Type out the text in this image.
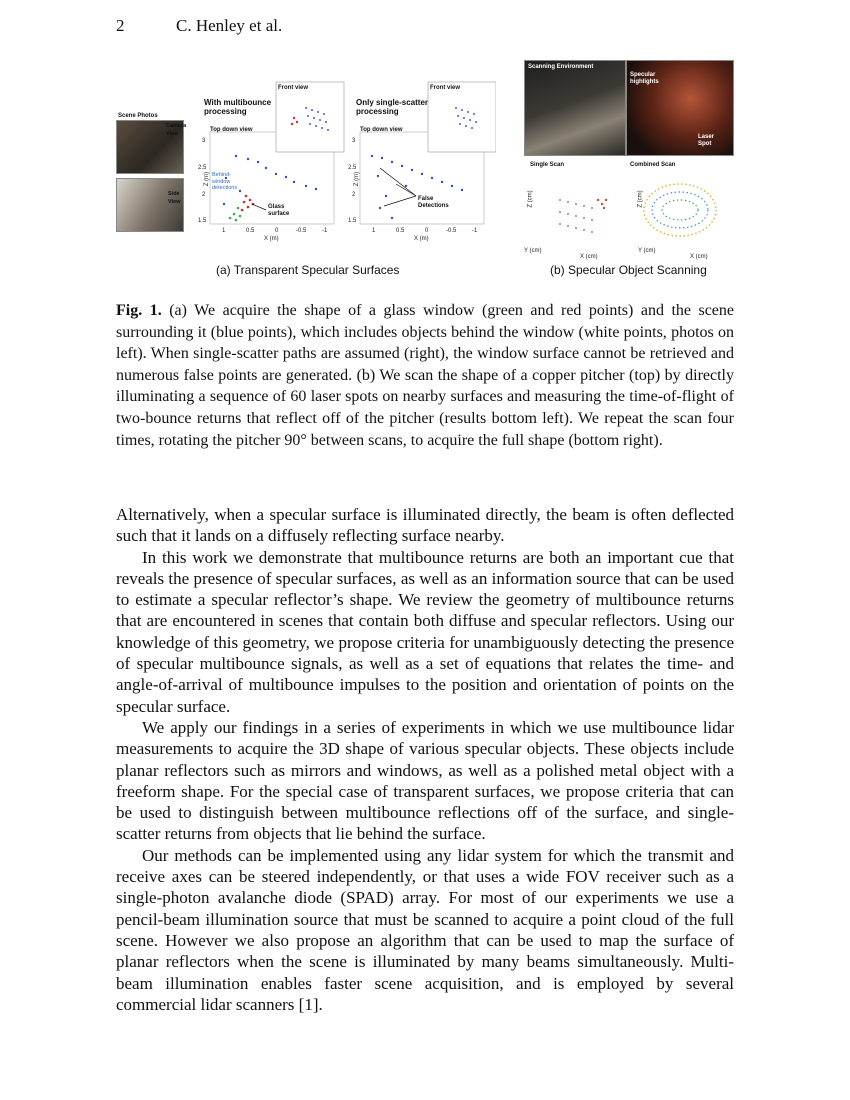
2	C. Henley et al.
Scene Photos
Camera View
Side View
With multibounce processing
Only single-scatter processing
Top down view	Top down view
Front view	Front view
Behind-window detections
Glass surface
False Detections
1	0.5	0	-0.5	-1
X (m)
3
2.5
2
1.5
Z (m)
1	0.5	0	-0.5	-1
X (m)
3
2.5
2
1.5
Z (m)
(a) Transparent Specular Surfaces
Scanning Environment
Specular highlights
Laser Spot
Single Scan	Combined Scan
Y (cm)
X (cm)
Y (cm)
X (cm)
Z (cm)	Z (cm)
(b) Specular Object Scanning
Fig. 1. (a) We acquire the shape of a glass window (green and red points) and the scene surrounding it (blue points), which includes objects behind the window (white points, photos on left). When single-scatter paths are assumed (right), the window surface cannot be retrieved and numerous false points are generated. (b) We scan the shape of a copper pitcher (top) by directly illuminating a sequence of 60 laser spots on nearby surfaces and measuring the time-of-flight of two-bounce returns that reflect off of the pitcher (results bottom left). We repeat the scan four times, rotating the pitcher 90° between scans, to acquire the full shape (bottom right).

Alternatively, when a specular surface is illuminated directly, the beam is often deflected such that it lands on a diffusely reflecting surface nearby.

In this work we demonstrate that multibounce returns are both an important cue that reveals the presence of specular surfaces, as well as an information source that can be used to estimate a specular reflector’s shape. We review the geometry of multibounce returns that are encountered in scenes that contain both diffuse and specular reflectors. Using our knowledge of this geometry, we propose criteria for unambiguously detecting the presence of specular multibounce signals, as well as a set of equations that relates the time- and angle-of-arrival of multibounce impulses to the position and orientation of points on the specular surface.

We apply our findings in a series of experiments in which we use multibounce lidar measurements to acquire the 3D shape of various specular objects. These objects include planar reflectors such as mirrors and windows, as well as a polished metal object with a freeform shape. For the special case of transparent surfaces, we propose criteria that can be used to distinguish between multibounce reflections off of the surface, and single-scatter returns from objects that lie behind the surface.

Our methods can be implemented using any lidar system for which the transmit and receive axes can be steered independently, or that uses a wide FOV receiver such as a single-photon avalanche diode (SPAD) array. For most of our experiments we use a pencil-beam illumination source that must be scanned to acquire a point cloud of the full scene. However we also propose an algorithm that can be used to map the surface of planar reflectors when the scene is illuminated by many beams simultaneously. Multi-beam illumination enables faster scene acquisition, and is employed by several commercial lidar scanners [1].
